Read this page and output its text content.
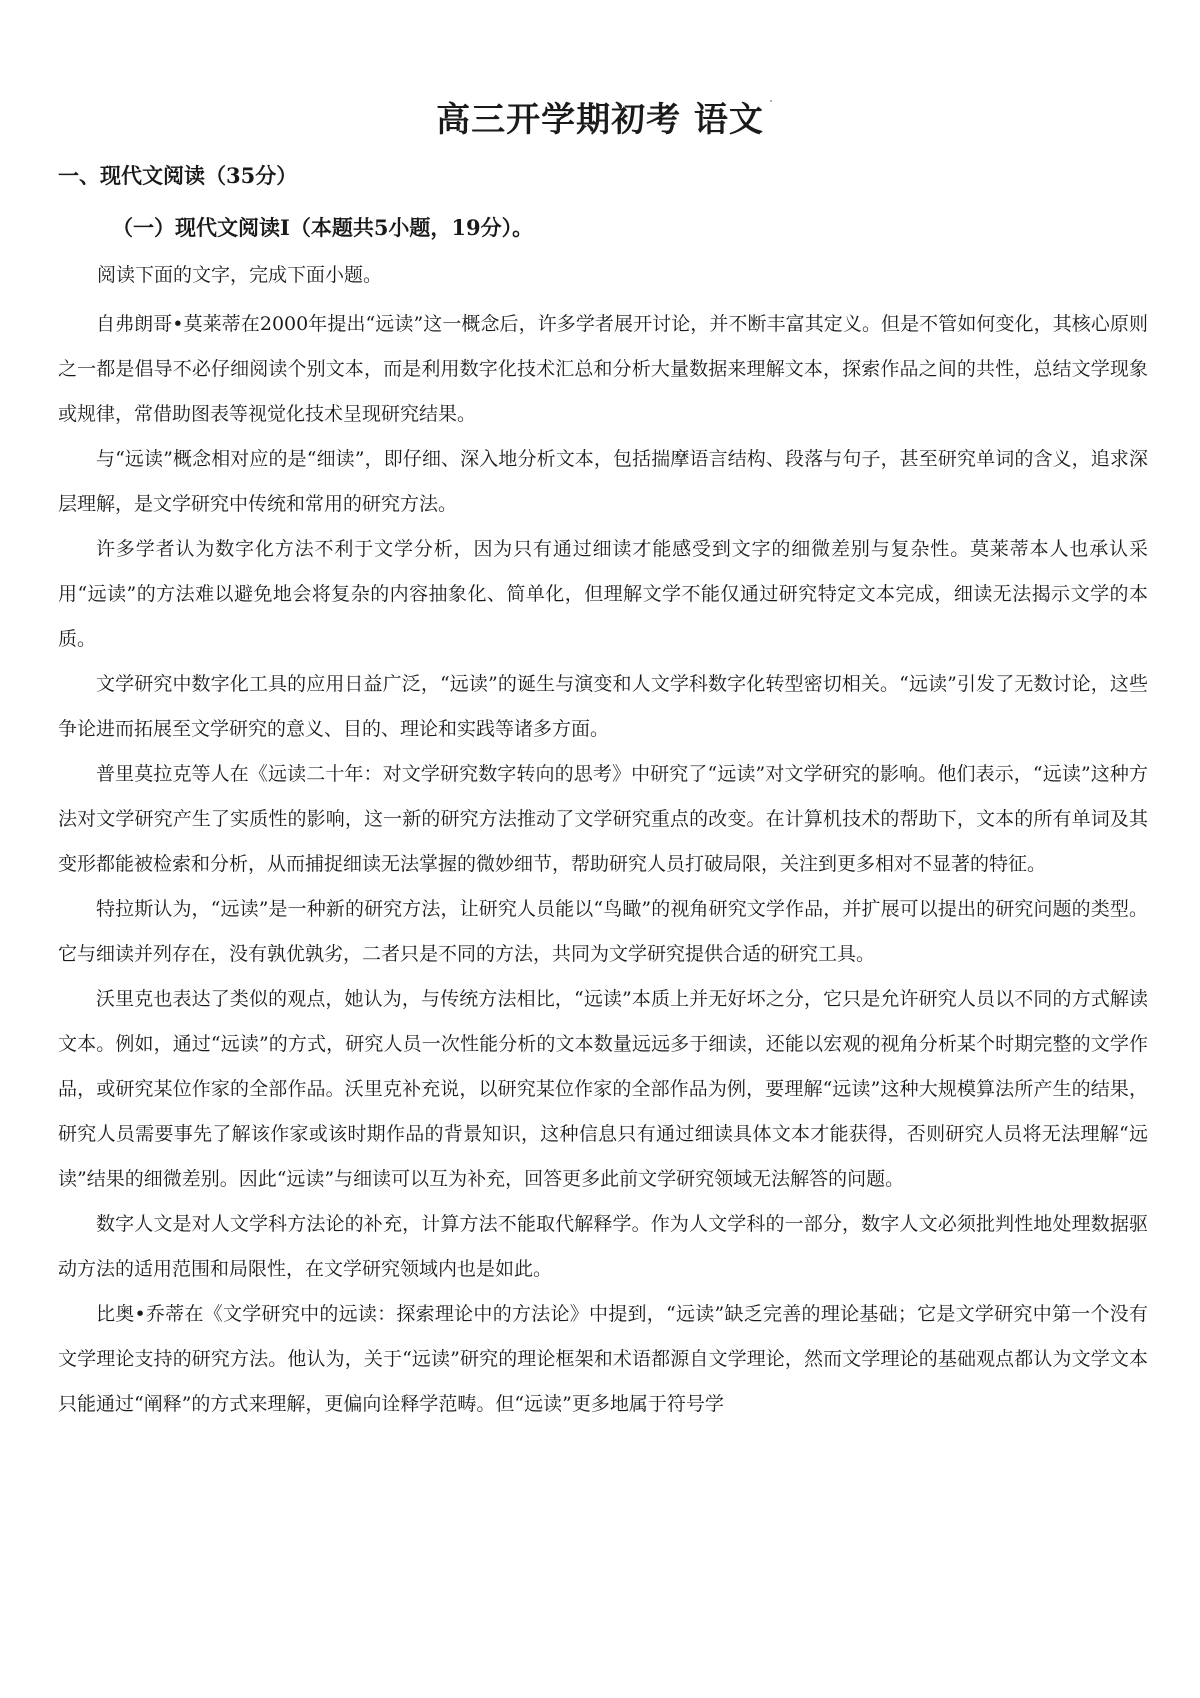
高三开学期初考 语文
一、现代文阅读（35分）
（一）现代文阅读Ⅰ（本题共5小题，19分）。
阅读下面的文字，完成下面小题。

自弗朗哥•莫莱蒂在2000年提出“远读”这一概念后，许多学者展开讨论，并不断丰富其定义。但是不管如何变化，其核心原则之一都是倡导不必仔细阅读个别文本，而是利用数字化技术汇总和分析大量数据来理解文本，探索作品之间的共性，总结文学现象或规律，常借助图表等视觉化技术呈现研究结果。

与“远读”概念相对应的是“细读”，即仔细、深入地分析文本，包括揣摩语言结构、段落与句子，甚至研究单词的含义，追求深层理解，是文学研究中传统和常用的研究方法。

许多学者认为数字化方法不利于文学分析，因为只有通过细读才能感受到文字的细微差别与复杂性。莫莱蒂本人也承认采用“远读”的方法难以避免地会将复杂的内容抽象化、简单化，但理解文学不能仅通过研究特定文本完成，细读无法揭示文学的本质。

文学研究中数字化工具的应用日益广泛，“远读”的诞生与演变和人文学科数字化转型密切相关。“远读”引发了无数讨论，这些争论进而拓展至文学研究的意义、目的、理论和实践等诸多方面。

普里莫拉克等人在《远读二十年：对文学研究数字转向的思考》中研究了“远读”对文学研究的影响。他们表示，“远读”这种方法对文学研究产生了实质性的影响，这一新的研究方法推动了文学研究重点的改变。在计算机技术的帮助下，文本的所有单词及其变形都能被检索和分析，从而捕捉细读无法掌握的微妙细节，帮助研究人员打破局限，关注到更多相对不显著的特征。

特拉斯认为，“远读”是一种新的研究方法，让研究人员能以“鸟瞰”的视角研究文学作品，并扩展可以提出的研究问题的类型。它与细读并列存在，没有孰优孰劣，二者只是不同的方法，共同为文学研究提供合适的研究工具。

沃里克也表达了类似的观点，她认为，与传统方法相比，“远读”本质上并无好坏之分，它只是允许研究人员以不同的方式解读文本。例如，通过“远读”的方式，研究人员一次性能分析的文本数量远远多于细读，还能以宏观的视角分析某个时期完整的文学作品，或研究某位作家的全部作品。沃里克补充说，以研究某位作家的全部作品为例，要理解“远读”这种大规模算法所产生的结果，研究人员需要事先了解该作家或该时期作品的背景知识，这种信息只有通过细读具体文本才能获得，否则研究人员将无法理解“远读”结果的细微差别。因此“远读”与细读可以互为补充，回答更多此前文学研究领域无法解答的问题。

数字人文是对人文学科方法论的补充，计算方法不能取代解释学。作为人文学科的一部分，数字人文必须批判性地处理数据驱动方法的适用范围和局限性，在文学研究领域内也是如此。

比奥•乔蒂在《文学研究中的远读：探索理论中的方法论》中提到，“远读”缺乏完善的理论基础；它是文学研究中第一个没有文学理论支持的研究方法。他认为，关于“远读”研究的理论框架和术语都源自文学理论，然而文学理论的基础观点都认为文学文本只能通过“阐释”的方式来理解，更偏向诠释学范畴。但“远读”更多地属于符号学
